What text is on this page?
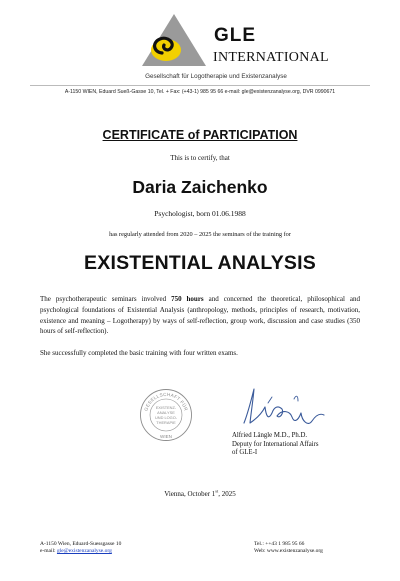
GLE
INTERNATIONAL
Gesellschaft für Logotherapie und Existenzanalyse
A-1150 WIEN, Eduard Sueß-Gasse 10, Tel. + Fax: (+43-1) 985 95 66 e-mail: gle@existenzanalyse.org, DVR 0990671
CERTIFICATE of PARTICIPATION
This is to certify, that
Daria Zaichenko
Psychologist, born 01.06.1988
has regularly attended from 2020 – 2025 the seminars of the training for
EXISTENTIAL ANALYSIS

The psychotherapeutic seminars involved 750 hours and concerned the theoretical, philosophical and psychological foundations of Existential Analysis (anthropology, methods, principles of research, motivation, existence and meaning – Logotherapy) by ways of self-reflection, group work, discussion and case studies (350 hours of self-reflection).

She successfully completed the basic training with four written exams.

GESELLSCHAFT FÜR
EXISTENZ-
ANALYSE
UND LOGO-
THERAPIE
WIEN	Alfried Längle M.D., Ph.D.
Deputy for International Affairs
of GLE-I
Vienna, October 1st, 2025
A-1150 Wien, Eduard-Suessgasse 10
e-mail: gle@existenzanalyse.org
Tel.: ++43 1 985 95 66
Web: www.existenzanalyse.org
